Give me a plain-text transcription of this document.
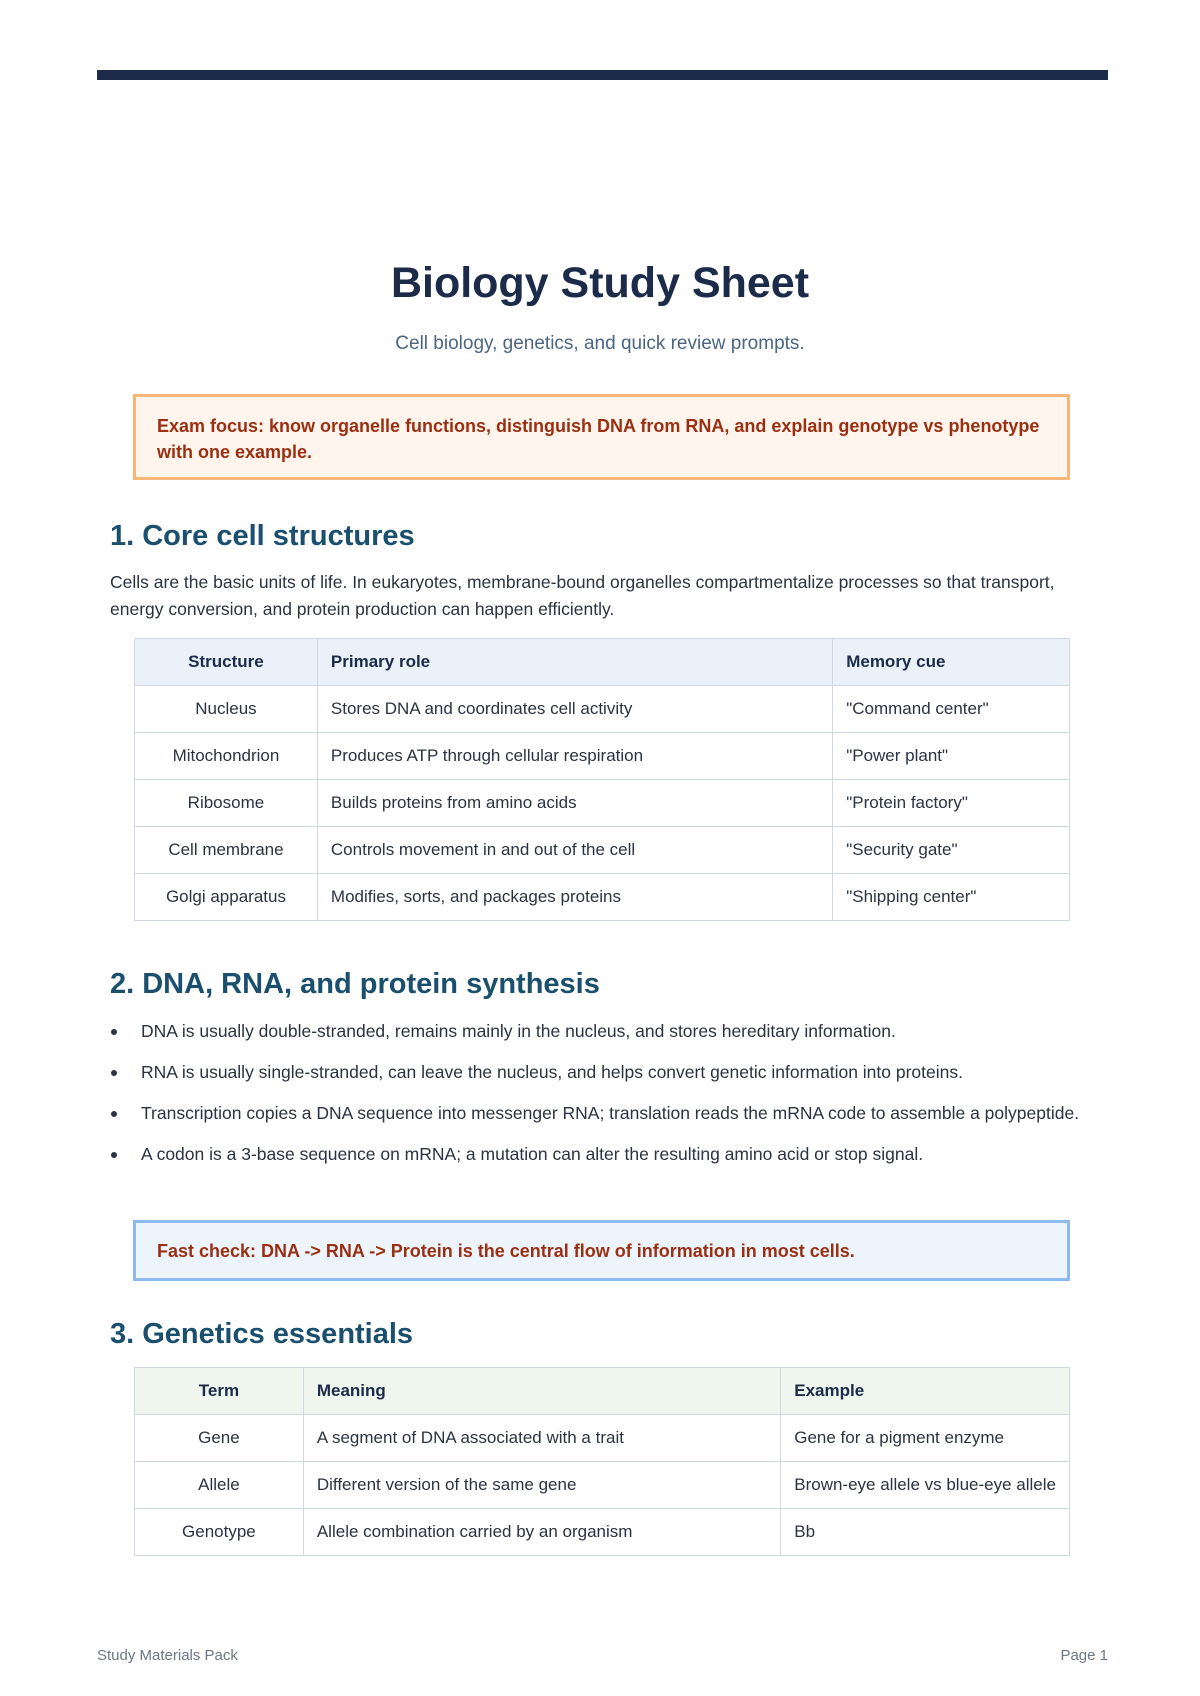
Biology Study Sheet
Cell biology, genetics, and quick review prompts.
Exam focus: know organelle functions, distinguish DNA from RNA, and explain genotype vs phenotype with one example.
1. Core cell structures

Cells are the basic units of life. In eukaryotes, membrane-bound organelles compartmentalize processes so that transport, energy conversion, and protein production can happen efficiently.

Structure	Primary role	Memory cue
Nucleus	Stores DNA and coordinates cell activity	"Command center"
Mitochondrion	Produces ATP through cellular respiration	"Power plant"
Ribosome	Builds proteins from amino acids	"Protein factory"
Cell membrane	Controls movement in and out of the cell	"Security gate"
Golgi apparatus	Modifies, sorts, and packages proteins	"Shipping center"
2. DNA, RNA, and protein synthesis
DNA is usually double-stranded, remains mainly in the nucleus, and stores hereditary information.
RNA is usually single-stranded, can leave the nucleus, and helps convert genetic information into proteins.
Transcription copies a DNA sequence into messenger RNA; translation reads the mRNA code to assemble a polypeptide.
A codon is a 3-base sequence on mRNA; a mutation can alter the resulting amino acid or stop signal.
Fast check: DNA -> RNA -> Protein is the central flow of information in most cells.
3. Genetics essentials
Term	Meaning	Example
Gene	A segment of DNA associated with a trait	Gene for a pigment enzyme
Allele	Different version of the same gene	Brown-eye allele vs blue-eye allele
Genotype	Allele combination carried by an organism	Bb
Study Materials Pack	Page 1
